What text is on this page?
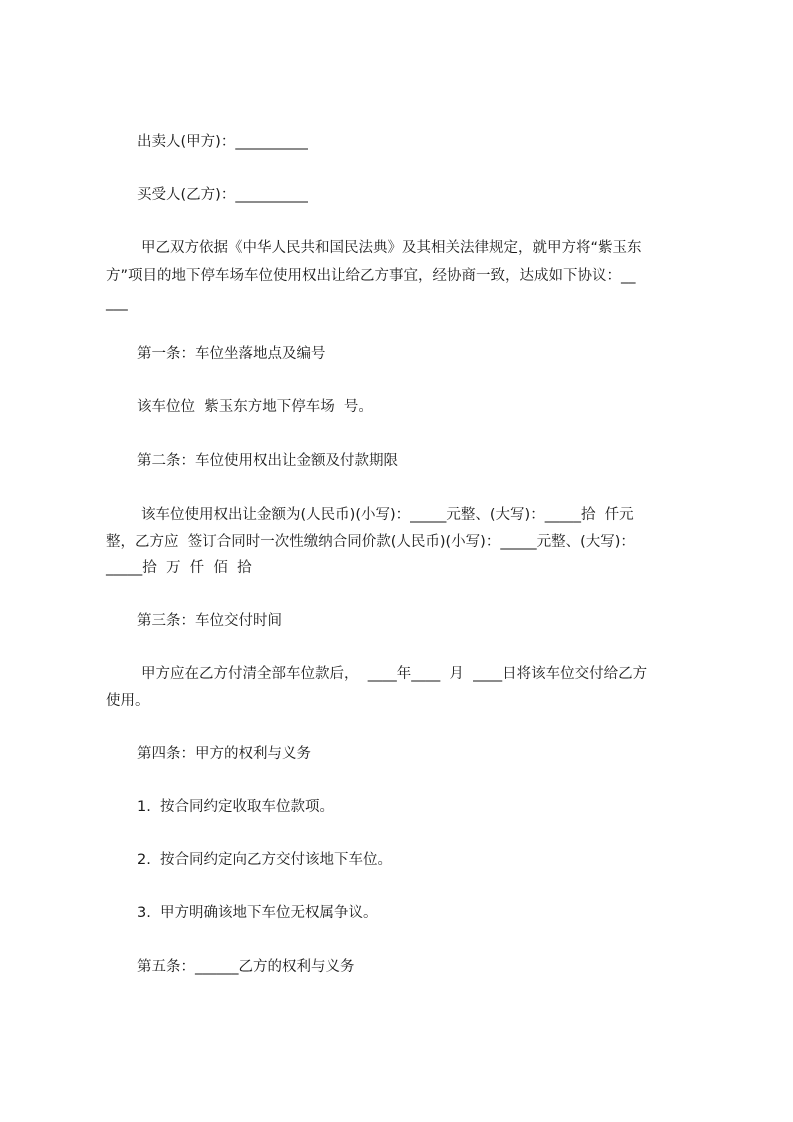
出卖人(甲方)：__________

买受人(乙方)：__________

甲乙双方依据《中华人民共和国民法典》及其相关法律规定，就甲方将“紫玉东

方”项目的地下停车场车位使用权出让给乙方事宜，经协商一致，达成如下协议：__

___

第一条：车位坐落地点及编号

该车位位  紫玉东方地下停车场  号。

第二条：车位使用权出让金额及付款期限

该车位使用权出让金额为(人民币)(小写)：_____元整、(大写)：_____拾  仟元

整，乙方应  签订合同时一次性缴纳合同价款(人民币)(小写)：_____元整、(大写)：

_____拾  万  仟  佰  拾

第三条：车位交付时间

甲方应在乙方付清全部车位款后，  ____年____  月  ____日将该车位交付给乙方

使用。

第四条：甲方的权利与义务

1.  按合同约定收取车位款项。

2.  按合同约定向乙方交付该地下车位。

3.  甲方明确该地下车位无权属争议。

第五条：______乙方的权利与义务
